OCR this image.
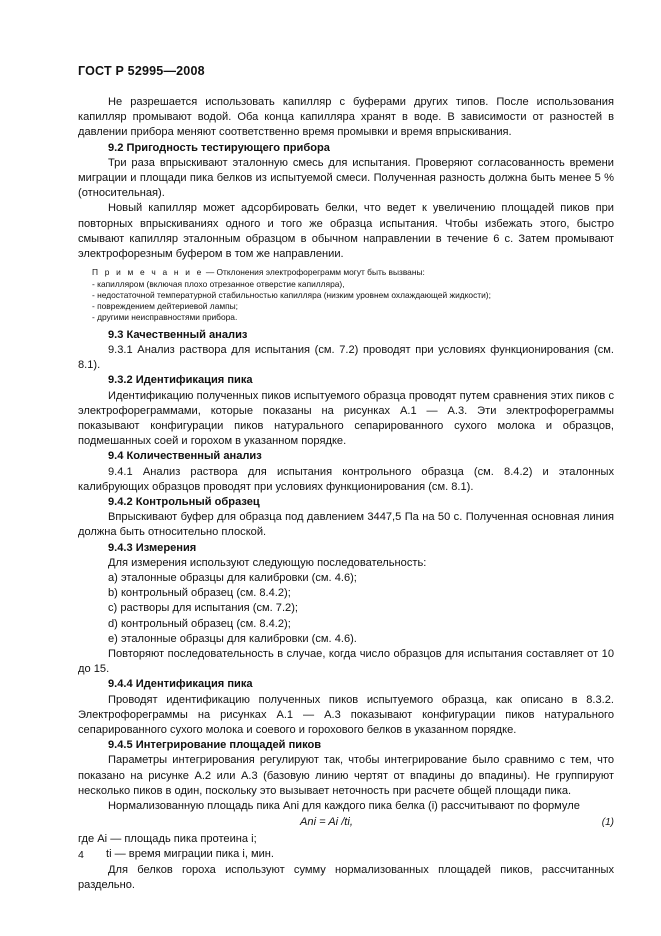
ГОСТ Р 52995—2008

Не разрешается использовать капилляр с буферами других типов. После использования капилляр промывают водой. Оба конца капилляра хранят в воде. В зависимости от разностей в давлении прибора меняют соответственно время промывки и время впрыскивания.

9.2 Пригодность тестирующего прибора

Три раза впрыскивают эталонную смесь для испытания. Проверяют согласованность времени миграции и площади пика белков из испытуемой смеси. Полученная разность должна быть менее 5 % (относительная).

Новый капилляр может адсорбировать белки, что ведет к увеличению площадей пиков при повторных впрыскиваниях одного и того же образца испытания. Чтобы избежать этого, быстро смывают капилляр эталонным образцом в обычном направлении в течение 6 с. Затем промывают электрофорезным буфером в том же направлении.

П р и м е ч а н и е — Отклонения электрофореграмм могут быть вызваны:

- капилляром (включая плохо отрезанное отверстие капилляра),

- недостаточной температурной стабильностью капилляра (низким уровнем охлаждающей жидкости);

- повреждением дейтериевой лампы;

- другими неисправностями прибора.

9.3 Качественный анализ

9.3.1 Анализ раствора для испытания (см. 7.2) проводят при условиях функционирования (см. 8.1).

9.3.2 Идентификация пика

Идентификацию полученных пиков испытуемого образца проводят путем сравнения этих пиков с электрофореграммами, которые показаны на рисунках А.1 — А.3. Эти электрофореграммы показывают конфигурации пиков натурального сепарированного сухого молока и образцов, подмешанных соей и горохом в указанном порядке.

9.4 Количественный анализ

9.4.1 Анализ раствора для испытания контрольного образца (см. 8.4.2) и эталонных калибрующих образцов проводят при условиях функционирования (см. 8.1).

9.4.2 Контрольный образец

Впрыскивают буфер для образца под давлением 3447,5 Па на 50 с. Полученная основная линия должна быть относительно плоской.

9.4.3 Измерения

Для измерения используют следующую последовательность:

a) эталонные образцы для калибровки (см. 4.6);

b) контрольный образец (см. 8.4.2);

c) растворы для испытания (см. 7.2);

d) контрольный образец (см. 8.4.2);

e) эталонные образцы для калибровки (см. 4.6).

Повторяют последовательность в случае, когда число образцов для испытания составляет от 10 до 15.

9.4.4 Идентификация пика

Проводят идентификацию полученных пиков испытуемого образца, как описано в 8.3.2. Электрофореграммы на рисунках А.1 — А.3 показывают конфигурации пиков натурального сепарированного сухого молока и соевого и горохового белков в указанном порядке.

9.4.5 Интегрирование площадей пиков

Параметры интегрирования регулируют так, чтобы интегрирование было сравнимо с тем, что показано на рисунке А.2 или А.3 (базовую линию чертят от впадины до впадины). Не группируют несколько пиков в один, поскольку это вызывает неточность при расчете общей площади пика.

Нормализованную площадь пика Ani для каждого пика белка (i) рассчитывают по формуле

Ani = Ai /ti,	(1)

где Ai — площадь пика протеина i;

ti — время миграции пика i, мин.

Для белков гороха используют сумму нормализованных площадей пиков, рассчитанных раздельно.

4
